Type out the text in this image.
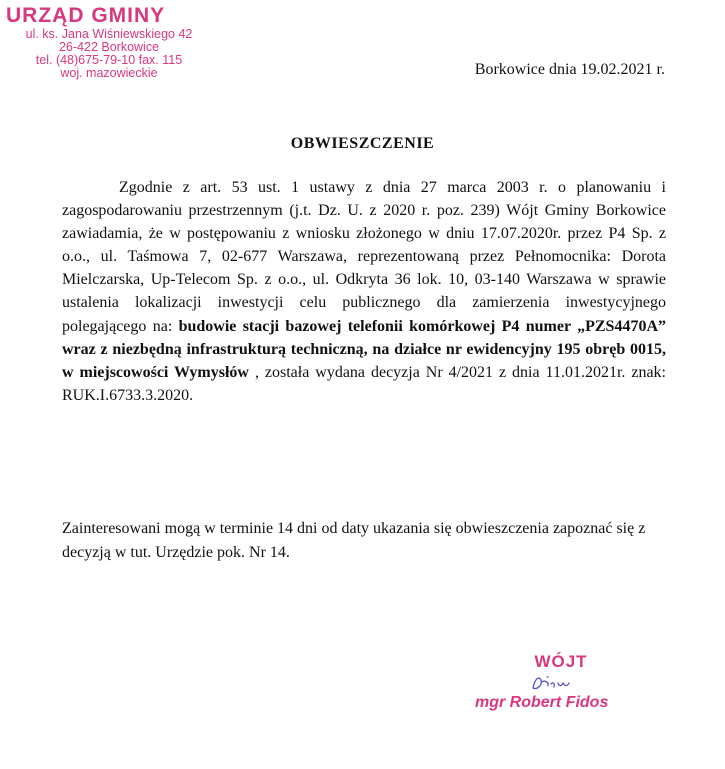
URZĄD GMINY
ul. ks. Jana Wiśniewskiego 42
26-422 Borkowice
tel. (48)675-79-10 fax. 115
woj. mazowieckie	Borkowice dnia 19.02.2021 r.
OBWIESZCZENIE
Zgodnie z art. 53 ust. 1 ustawy z dnia 27 marca 2003 r. o planowaniu i zagospodarowaniu przestrzennym (j.t. Dz. U. z 2020 r. poz. 239) Wójt Gminy Borkowice zawiadamia, że w postępowaniu z wniosku złożonego w dniu 17.07.2020r. przez P4 Sp. z o.o., ul. Taśmowa 7, 02-677 Warszawa, reprezentowaną przez Pełnomocnika: Dorota Mielczarska, Up-Telecom Sp. z o.o., ul. Odkryta 36 lok. 10, 03-140 Warszawa w sprawie ustalenia lokalizacji inwestycji celu publicznego dla zamierzenia inwestycyjnego polegającego na: budowie stacji bazowej telefonii komórkowej P4 numer „PZS4470A” wraz z niezbędną infrastrukturą techniczną, na działce nr ewidencyjny 195 obręb 0015, w miejscowości Wymysłów , została wydana decyzja Nr 4/2021 z dnia 11.01.2021r. znak: RUK.I.6733.3.2020.
Zainteresowani mogą w terminie 14 dni od daty ukazania się obwieszczenia zapoznać się z decyzją w tut. Urzędzie pok. Nr 14.
WÓJT
mgr Robert Fidos
